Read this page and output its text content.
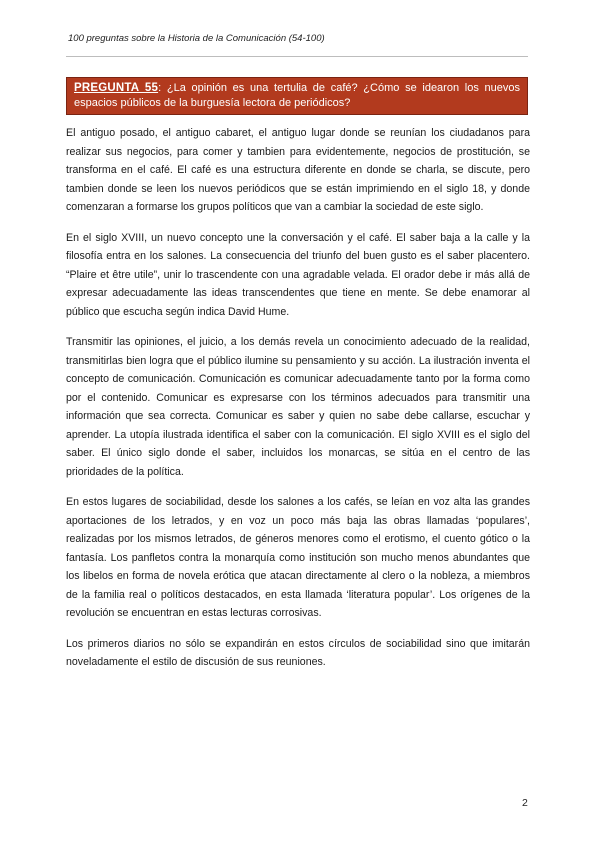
100 preguntas sobre la Historia de la Comunicación (54-100)
PREGUNTA 55: ¿La opinión es una tertulia de café? ¿Cómo se idearon los nuevos espacios públicos de la burguesía lectora de periódicos?

El antiguo posado, el antiguo cabaret, el antiguo lugar donde se reunían los ciudadanos para realizar sus negocios, para comer y tambien para evidentemente, negocios de prostitución, se transforma en el café. El café es una estructura diferente en donde se charla, se discute, pero tambien donde se leen los nuevos periódicos que se están imprimiendo en el siglo 18, y donde comenzaran a formarse los grupos políticos que van a cambiar la sociedad de este siglo.

En el siglo XVIII, un nuevo concepto une la conversación y el café. El saber baja a la calle y la filosofía entra en los salones. La consecuencia del triunfo del buen gusto es el saber placentero. “Plaire et être utile”, unir lo trascendente con una agradable velada. El orador debe ir más allá de expresar adecuadamente las ideas transcendentes que tiene en mente. Se debe enamorar al público que escucha según indica David Hume.

Transmitir las opiniones, el juicio, a los demás revela un conocimiento adecuado de la realidad, transmitirlas bien logra que el público ilumine su pensamiento y su acción. La ilustración inventa el concepto de comunicación. Comunicación es comunicar adecuadamente tanto por la forma como por el contenido. Comunicar es expresarse con los términos adecuados para transmitir una información que sea correcta. Comunicar es saber y quien no sabe debe callarse, escuchar y aprender. La utopía ilustrada identifica el saber con la comunicación. El siglo XVIII es el siglo del saber. El único siglo donde el saber, incluidos los monarcas, se sitúa en el centro de las prioridades de la política.

En estos lugares de sociabilidad, desde los salones a los cafés, se leían en voz alta las grandes aportaciones de los letrados, y en voz un poco más baja las obras llamadas ‘populares’, realizadas por los mismos letrados, de géneros menores como el erotismo, el cuento gótico o la fantasía. Los panfletos contra la monarquía como institución son mucho menos abundantes que los libelos en forma de novela erótica que atacan directamente al clero o la nobleza, a miembros de la familia real o políticos destacados, en esta llamada ‘literatura popular’. Los orígenes de la revolución se encuentran en estas lecturas corrosivas.

Los primeros diarios no sólo se expandirán en estos círculos de sociabilidad sino que imitarán noveladamente el estilo de discusión de sus reuniones.

2
